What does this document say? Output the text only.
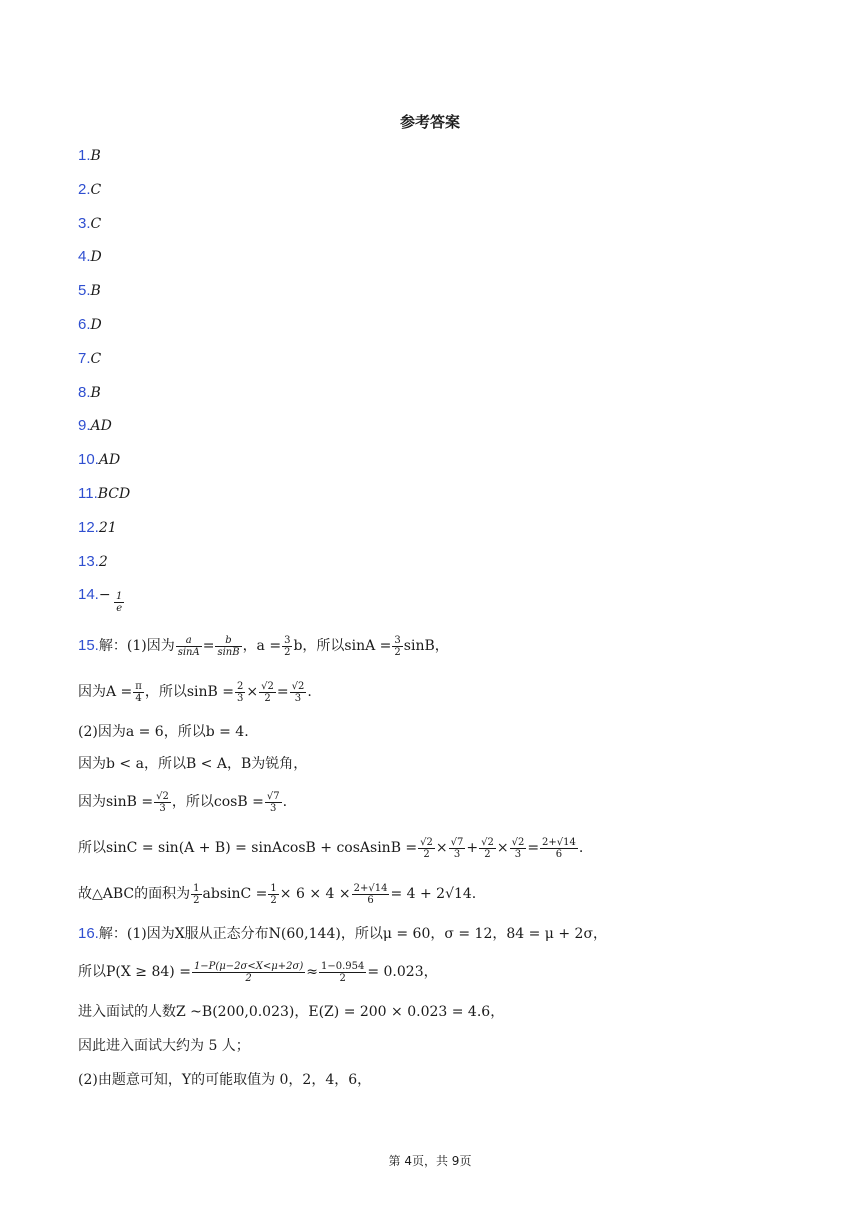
参考答案
1.B
2.C
3.C
4.D
5.B
6.D
7.C
8.B
9.AD
10.AD
11.BCD
12.21
13.2
$14.- \frac{1}{e}$
15.解：(1)因为 $\frac{a}{\sin A} = \frac{b}{\sin B}$ ，$a = \frac{3}{2}$ b，所以$\sin A = \frac{3}{2}$ sinB，
因为$A = \frac{\pi}{4}$ ，所以$\sin B = \frac{2}{3} \times \frac{√2}{2} = \frac{√2}{3}$ .
(2)因为a = 6，所以b = 4.
因为b < a，所以B < A，B为锐角，
因为$\sin B = \frac{√2}{3}$ ，所以$\cos B = \frac{√7}{3}$ .
所以sinC = sin(A + B) = sinAcosB + cosAsinB = $\frac{√2}{2} \times \frac{√7}{3} + \frac{√2}{2} \times \frac{√2}{3} = \frac{2+√14}{6}$ .
故△ABC的面积为 $\frac{1}{2}$ $absinC = \frac{1}{2} \times 6 \times 4 \times \frac{2+√14}{6} = 4 + 2√14$.
16.解：(1)因为X服从正态分布N(60,144)，所以μ = 60，σ = 12，84 = μ + 2σ，
所以$P(X \ge 84) = \frac{1-P(\mu-2\sigma<X<\mu+2\sigma)}{2} \approx \frac{1-0.954}{2} = 0.023$，
进入面试的人数Z ~B(200,0.023)，E(Z) = 200 × 0.023 = 4.6，
因此进入面试大约为 5 人；
(2)由题意可知，Y的可能取值为 0，2，4，6，
第 4页，共 9页
